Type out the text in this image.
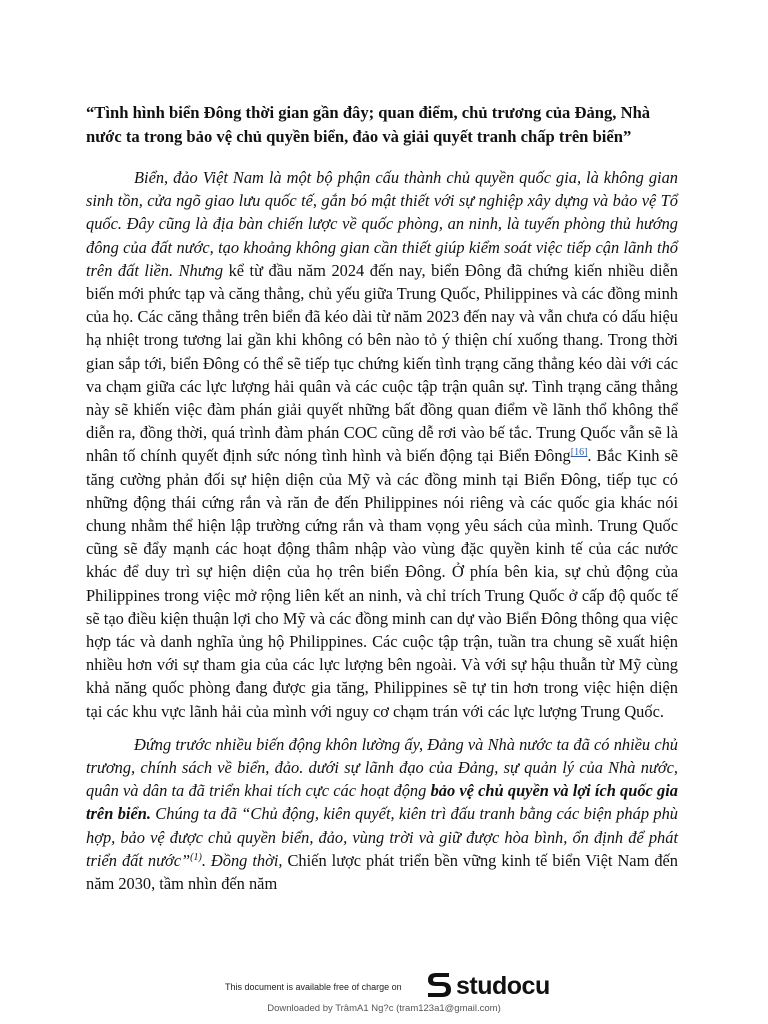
“Tình hình biển Đông thời gian gần đây; quan điểm, chủ trương của Đảng, Nhà nước ta trong bảo vệ chủ quyền biển, đảo và giải quyết tranh chấp trên biển”

Biển, đảo Việt Nam là một bộ phận cấu thành chủ quyền quốc gia, là không gian sinh tồn, cửa ngõ giao lưu quốc tế, gắn bó mật thiết với sự nghiệp xây dựng và bảo vệ Tổ quốc. Đây cũng là địa bàn chiến lược về quốc phòng, an ninh, là tuyến phòng thủ hướng đông của đất nước, tạo khoảng không gian cần thiết giúp kiểm soát việc tiếp cận lãnh thổ trên đất liền. Nhưng kể từ đầu năm 2024 đến nay, biển Đông đã chứng kiến nhiều diễn biến mới phức tạp và căng thẳng, chủ yếu giữa Trung Quốc, Philippines và các đồng minh của họ. Các căng thẳng trên biển đã kéo dài từ năm 2023 đến nay và vẫn chưa có dấu hiệu hạ nhiệt trong tương lai gần khi không có bên nào tỏ ý thiện chí xuống thang. Trong thời gian sắp tới, biển Đông có thể sẽ tiếp tục chứng kiến tình trạng căng thẳng kéo dài với các va chạm giữa các lực lượng hải quân và các cuộc tập trận quân sự. Tình trạng căng thẳng này sẽ khiến việc đàm phán giải quyết những bất đồng quan điểm về lãnh thổ không thể diễn ra, đồng thời, quá trình đàm phán COC cũng dễ rơi vào bế tắc. Trung Quốc vẫn sẽ là nhân tố chính quyết định sức nóng tình hình và biến động tại Biển Đông[16]. Bắc Kinh sẽ tăng cường phản đối sự hiện diện của Mỹ và các đồng minh tại Biển Đông, tiếp tục có những động thái cứng rắn và răn đe đến Philippines nói riêng và các quốc gia khác nói chung nhằm thể hiện lập trường cứng rắn và tham vọng yêu sách của mình. Trung Quốc cũng sẽ đẩy mạnh các hoạt động thâm nhập vào vùng đặc quyền kinh tế của các nước khác để duy trì sự hiện diện của họ trên biển Đông. Ở phía bên kia, sự chủ động của Philippines trong việc mở rộng liên kết an ninh, và chỉ trích Trung Quốc ở cấp độ quốc tế sẽ tạo điều kiện thuận lợi cho Mỹ và các đồng minh can dự vào Biển Đông thông qua việc hợp tác và danh nghĩa ủng hộ Philippines. Các cuộc tập trận, tuần tra chung sẽ xuất hiện nhiều hơn với sự tham gia của các lực lượng bên ngoài. Và với sự hậu thuẫn từ Mỹ cùng khả năng quốc phòng đang được gia tăng, Philippines sẽ tự tin hơn trong việc hiện diện tại các khu vực lãnh hải của mình với nguy cơ chạm trán với các lực lượng Trung Quốc.

Đứng trước nhiều biến động khôn lường ấy, Đảng và Nhà nước ta đã có nhiều chủ trương, chính sách về biển, đảo. dưới sự lãnh đạo của Đảng, sự quản lý của Nhà nước, quân và dân ta đã triển khai tích cực các hoạt động bảo vệ chủ quyền và lợi ích quốc gia trên biển. Chúng ta đã “Chủ động, kiên quyết, kiên trì đấu tranh bằng các biện pháp phù hợp, bảo vệ được chủ quyền biển, đảo, vùng trời và giữ được hòa bình, ổn định để phát triển đất nước”$^{(1)}$. Đồng thời, Chiến lược phát triển bền vững kinh tế biển Việt Nam đến năm 2030, tầm nhìn đến năm

This document is available free of charge on studocu
Downloaded by TrâmA1 Ng?c (tram123a1@gmail.com)
